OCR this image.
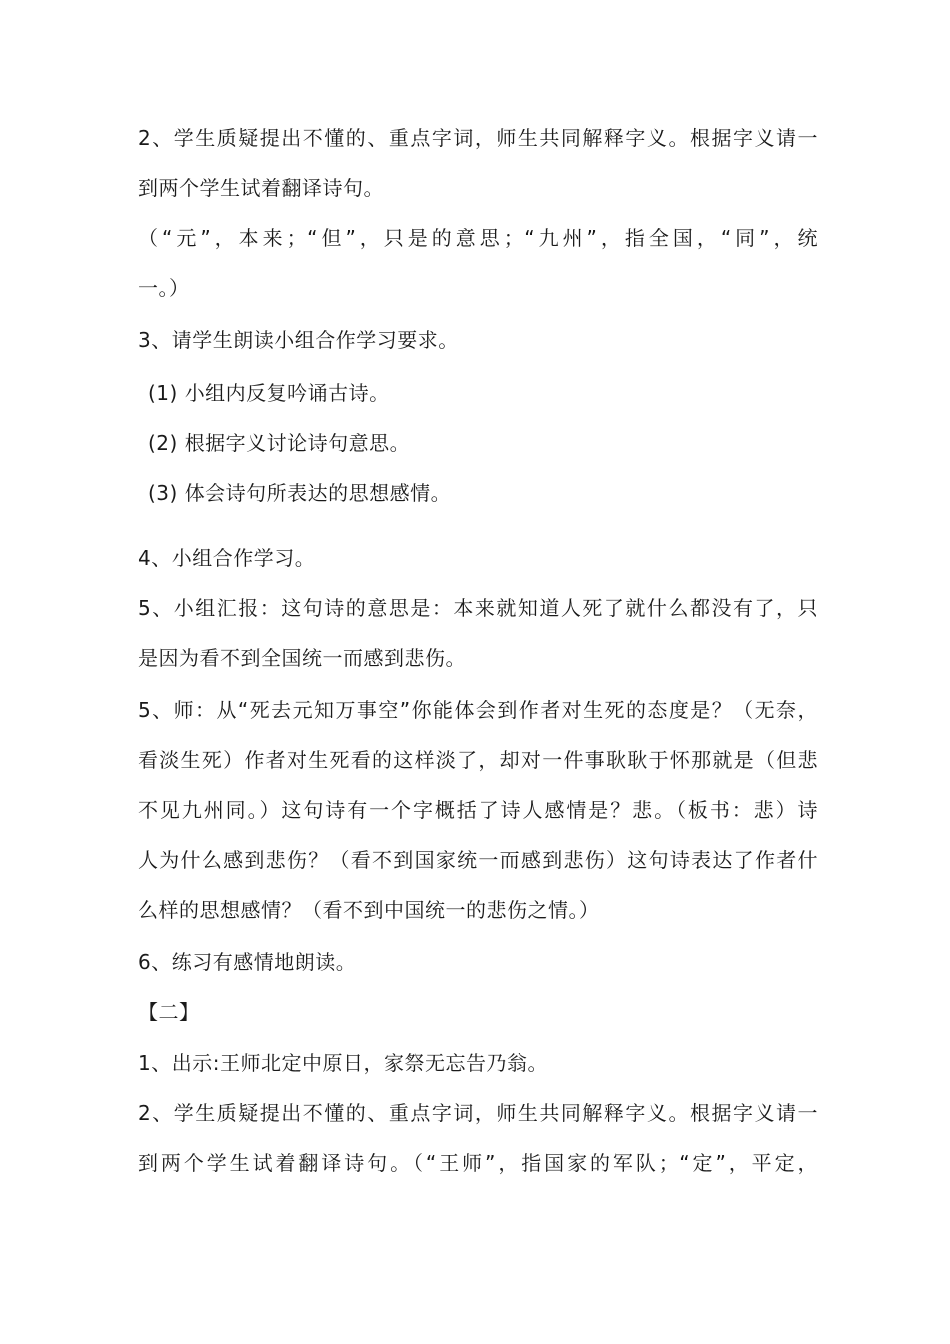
2、学生质疑提出不懂的、重点字词，师生共同解释字义。根据字义请一
到两个学生试着翻译诗句。
（“元”，本来；“但”，只是的意思；“九州”，指全国，“同”，统
一。）
3、请学生朗读小组合作学习要求。
(1) 小组内反复吟诵古诗。
(2) 根据字义讨论诗句意思。
(3) 体会诗句所表达的思想感情。
4、小组合作学习。
5、小组汇报：这句诗的意思是：本来就知道人死了就什么都没有了，只
是因为看不到全国统一而感到悲伤。
5、师：从“死去元知万事空”你能体会到作者对生死的态度是？（无奈，
看淡生死）作者对生死看的这样淡了，却对一件事耿耿于怀那就是（但悲
不见九州同。）这句诗有一个字概括了诗人感情是？悲。（板书：悲）诗
人为什么感到悲伤？（看不到国家统一而感到悲伤）这句诗表达了作者什
么样的思想感情？（看不到中国统一的悲伤之情。）
6、练习有感情地朗读。
【二】
1、出示:王师北定中原日，家祭无忘告乃翁。
2、学生质疑提出不懂的、重点字词，师生共同解释字义。根据字义请一
到两个学生试着翻译诗句。（“王师”，指国家的军队；“定”，平定，
